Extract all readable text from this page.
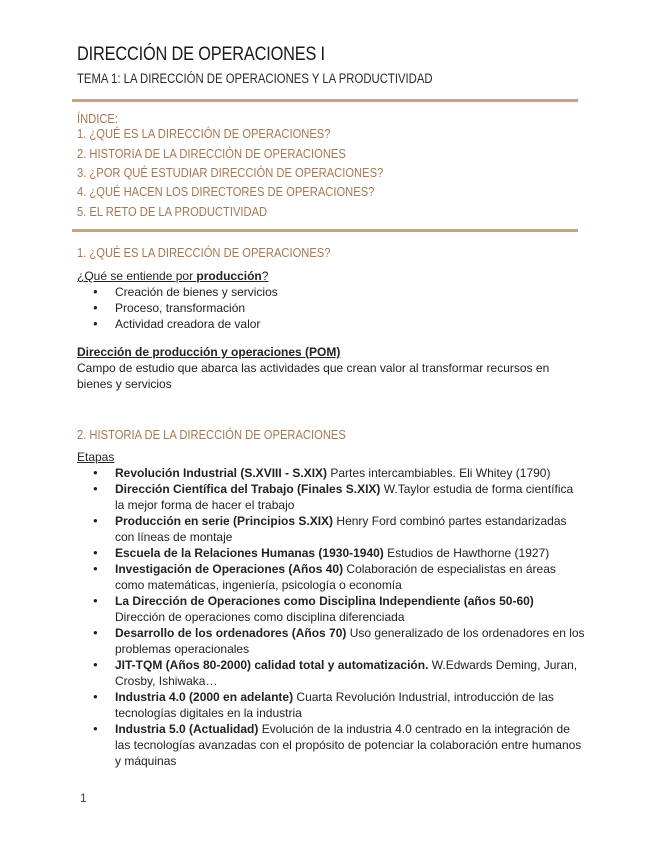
DIRECCIÓN DE OPERACIONES I
TEMA 1: LA DIRECCIÓN DE OPERACIONES Y LA PRODUCTIVIDAD
ÍNDICE:
1. ¿QUÉ ES LA DIRECCIÓN DE OPERACIONES?
2. HISTORIA DE LA DIRECCIÓN DE OPERACIONES
3. ¿POR QUÉ ESTUDIAR DIRECCIÓN DE OPERACIONES?
4. ¿QUÉ HACEN LOS DIRECTORES DE OPERACIONES?
5. EL RETO DE LA PRODUCTIVIDAD
1. ¿QUÉ ES LA DIRECCIÓN DE OPERACIONES?
¿Qué se entiende por producción?
● Creación de bienes y servicios
● Proceso, transformación
● Actividad creadora de valor
Dirección de producción y operaciones (POM)
Campo de estudio que abarca las actividades que crean valor al transformar recursos en
bienes y servicios
2. HISTORIA DE LA DIRECCIÓN DE OPERACIONES
Etapas
● Revolución Industrial (S.XVIII - S.XIX) Partes intercambiables. Eli Whitey (1790)
● Dirección Científica del Trabajo (Finales S.XIX) W.Taylor estudia de forma científica la mejor forma de hacer el trabajo
● Producción en serie (Principios S.XIX) Henry Ford combinó partes estandarizadas con líneas de montaje
● Escuela de la Relaciones Humanas (1930-1940) Estudios de Hawthorne (1927)
● Investigación de Operaciones (Años 40) Colaboración de especialistas en áreas como matemáticas, ingeniería, psicología o economía
● La Dirección de Operaciones como Disciplina Independiente (años 50-60) Dirección de operaciones como disciplina diferenciada
● Desarrollo de los ordenadores (Años 70) Uso generalizado de los ordenadores en los problemas operacionales
● JIT-TQM (Años 80-2000) calidad total y automatización. W.Edwards Deming, Juran, Crosby, Ishiwaka…
● Industria 4.0 (2000 en adelante) Cuarta Revolución Industrial, introducción de las tecnologías digitales en la industria
● Industria 5.0 (Actualidad) Evolución de la industria 4.0 centrado en la integración de las tecnologías avanzadas con el propósito de potenciar la colaboración entre humanos y máquinas
1
